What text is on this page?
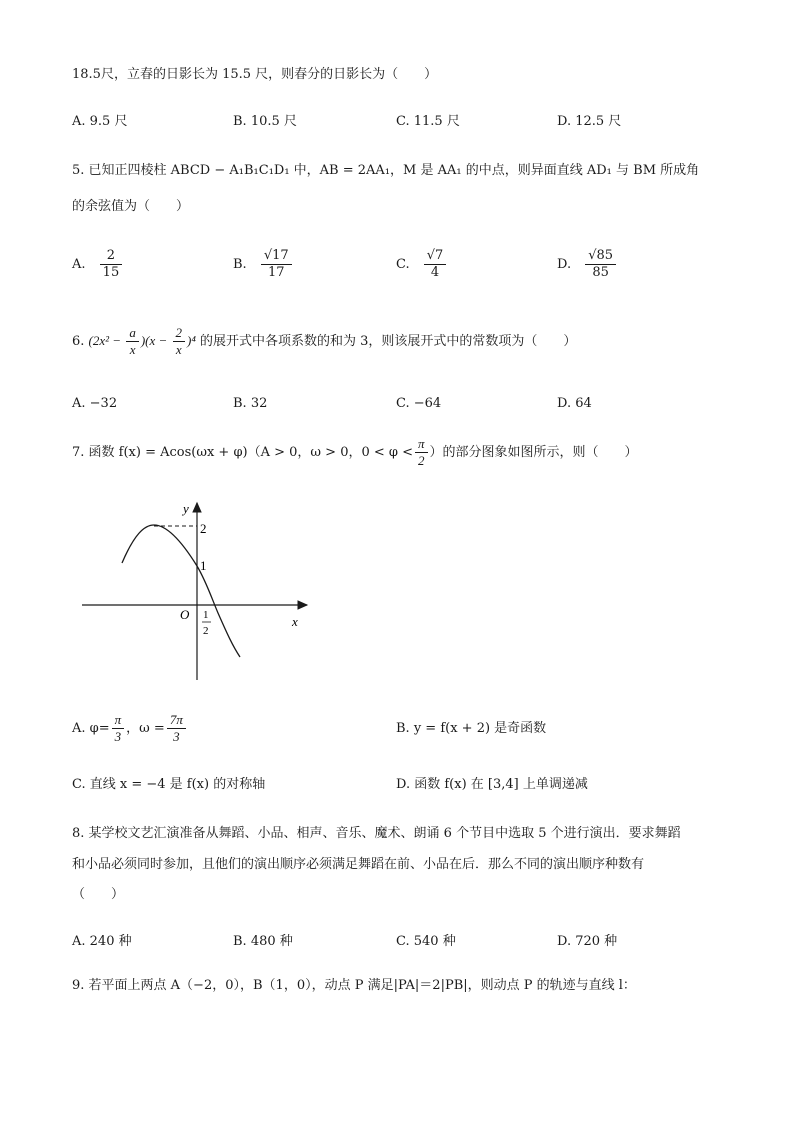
18.5尺，立春的日影长为 15.5 尺，则春分的日影长为（　　）
A. 9.5 尺	B. 10.5 尺	C. 11.5 尺	D. 12.5 尺
5. 已知正四棱柱 ABCD − A₁B₁C₁D₁ 中，AB = 2AA₁，M 是 AA₁ 的中点，则异面直线 AD₁ 与 BM 所成角
的余弦值为（　　）
A. $\frac{2}{15}$	B. $\frac{√17}{17}$	C. $\frac{√7}{4}$	D. $\frac{√85}{85}$
6. $(2x^2 - \frac{a}{x} )(x - \frac{2}{x} )^4$ 的展开式中各项系数的和为 3，则该展开式中的常数项为（　　）
A. −32	B. 32	C. −64	D. 64
7. 函数 f(x) = Acos(ωx + φ)（A > 0，ω > 0，$0 < \varphi < \frac{\pi}{2}$ ）的部分图象如图所示，则（　　）
y
x
O
2
1
1
2
A. $\varphi= \frac{\pi}{3}$ ，$\omega = \frac{7\pi}{3}$	B. y = f(x + 2) 是奇函数
C. 直线 x = −4 是 f(x) 的对称轴	D. 函数 f(x) 在 [3,4] 上单调递减
8. 某学校文艺汇演准备从舞蹈、小品、相声、音乐、魔术、朗诵 6 个节目中选取 5 个进行演出．要求舞蹈
和小品必须同时参加，且他们的演出顺序必须满足舞蹈在前、小品在后．那么不同的演出顺序种数有
（　　）
A. 240 种	B. 480 种	C. 540 种	D. 720 种
9. 若平面上两点 A（−2，0），B（1，0），动点 P 满足|PA|＝2|PB|，则动点 P 的轨迹与直线 l：
